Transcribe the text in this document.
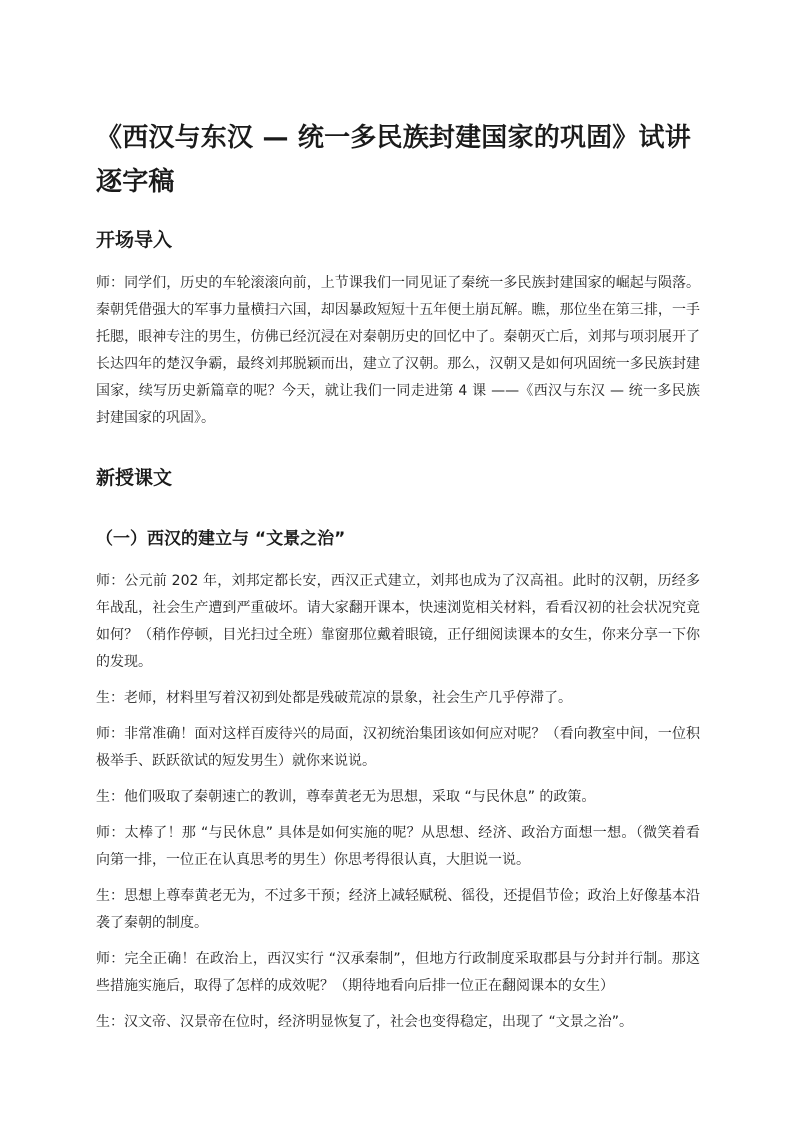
《西汉与东汉 — 统一多民族封建国家的巩固》试讲逐字稿
开场导入

师：同学们，历史的车轮滚滚向前，上节课我们一同见证了秦统一多民族封建国家的崛起与陨落。秦朝凭借强大的军事力量横扫六国，却因暴政短短十五年便土崩瓦解。瞧，那位坐在第三排，一手托腮，眼神专注的男生，仿佛已经沉浸在对秦朝历史的回忆中了。秦朝灭亡后，刘邦与项羽展开了长达四年的楚汉争霸，最终刘邦脱颖而出，建立了汉朝。那么，汉朝又是如何巩固统一多民族封建国家，续写历史新篇章的呢？今天，就让我们一同走进第 4 课 ——《西汉与东汉 — 统一多民族封建国家的巩固》。

新授课文
（一）西汉的建立与 “文景之治”

师：公元前 202 年，刘邦定都长安，西汉正式建立，刘邦也成为了汉高祖。此时的汉朝，历经多年战乱，社会生产遭到严重破坏。请大家翻开课本，快速浏览相关材料，看看汉初的社会状况究竟如何？（稍作停顿，目光扫过全班）靠窗那位戴着眼镜，正仔细阅读课本的女生，你来分享一下你的发现。

生：老师，材料里写着汉初到处都是残破荒凉的景象，社会生产几乎停滞了。

师：非常准确！面对这样百废待兴的局面，汉初统治集团该如何应对呢？（看向教室中间，一位积极举手、跃跃欲试的短发男生）就你来说说。

生：他们吸取了秦朝速亡的教训，尊奉黄老无为思想，采取 “与民休息” 的政策。

师：太棒了！那 “与民休息” 具体是如何实施的呢？从思想、经济、政治方面想一想。（微笑着看向第一排，一位正在认真思考的男生）你思考得很认真，大胆说一说。

生：思想上尊奉黄老无为，不过多干预；经济上减轻赋税、徭役，还提倡节俭；政治上好像基本沿袭了秦朝的制度。

师：完全正确！在政治上，西汉实行 “汉承秦制”，但地方行政制度采取郡县与分封并行制。那这些措施实施后，取得了怎样的成效呢？（期待地看向后排一位正在翻阅课本的女生）

生：汉文帝、汉景帝在位时，经济明显恢复了，社会也变得稳定，出现了 “文景之治”。
